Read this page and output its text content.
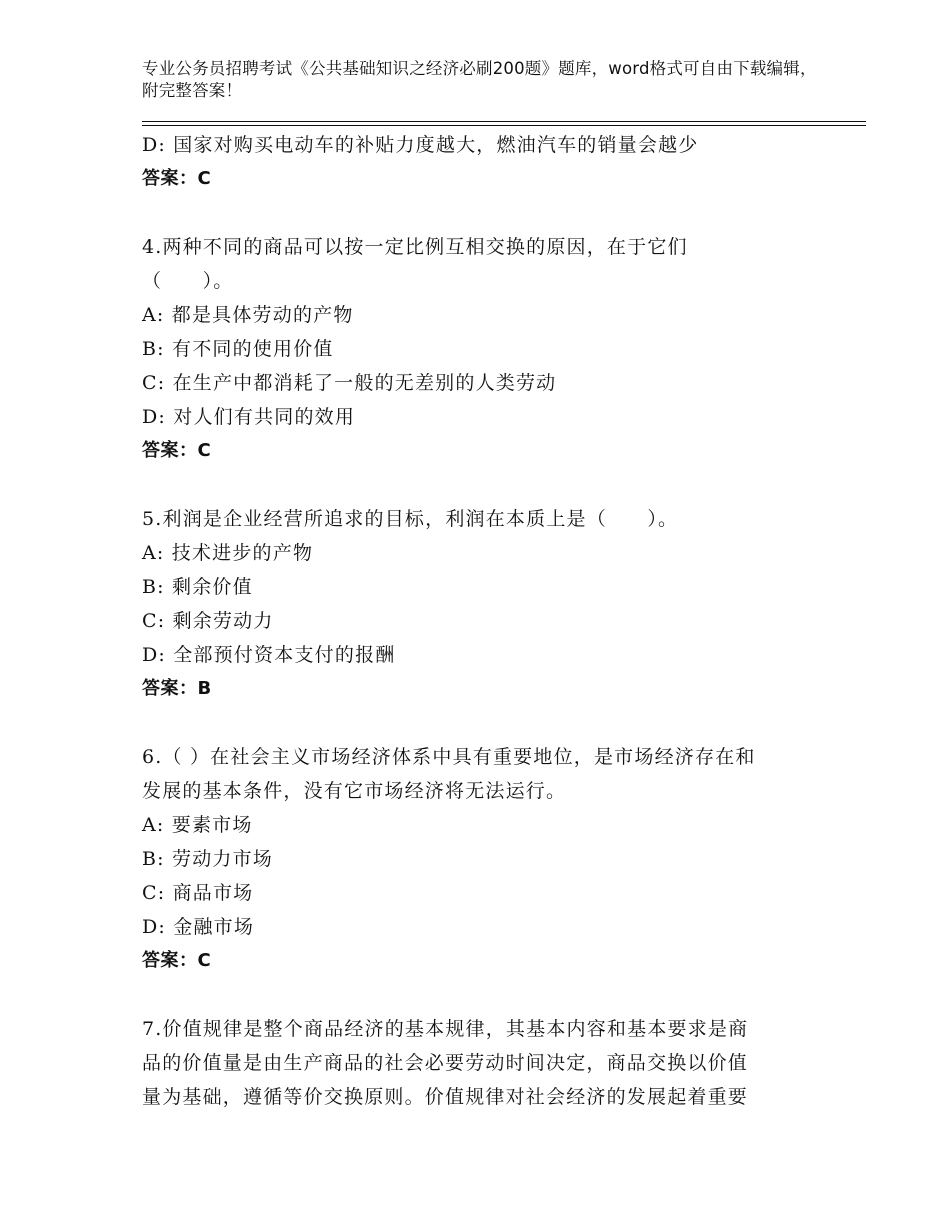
专业公务员招聘考试《公共基础知识之经济必刷200题》题库，word格式可自由下载编辑，附完整答案！
D: 国家对购买电动车的补贴力度越大，燃油汽车的销量会越少
答案：C
4.两种不同的商品可以按一定比例互相交换的原因，在于它们
（　　）。
A: 都是具体劳动的产物
B: 有不同的使用价值
C: 在生产中都消耗了一般的无差别的人类劳动
D: 对人们有共同的效用
答案：C
5.利润是企业经营所追求的目标，利润在本质上是（　　）。
A: 技术进步的产物
B: 剩余价值
C: 剩余劳动力
D: 全部预付资本支付的报酬
答案：B
6.（ ）在社会主义市场经济体系中具有重要地位，是市场经济存在和
发展的基本条件，没有它市场经济将无法运行。
A: 要素市场
B: 劳动力市场
C: 商品市场
D: 金融市场
答案：C
7.价值规律是整个商品经济的基本规律，其基本内容和基本要求是商
品的价值量是由生产商品的社会必要劳动时间决定，商品交换以价值
量为基础，遵循等价交换原则。价值规律对社会经济的发展起着重要
